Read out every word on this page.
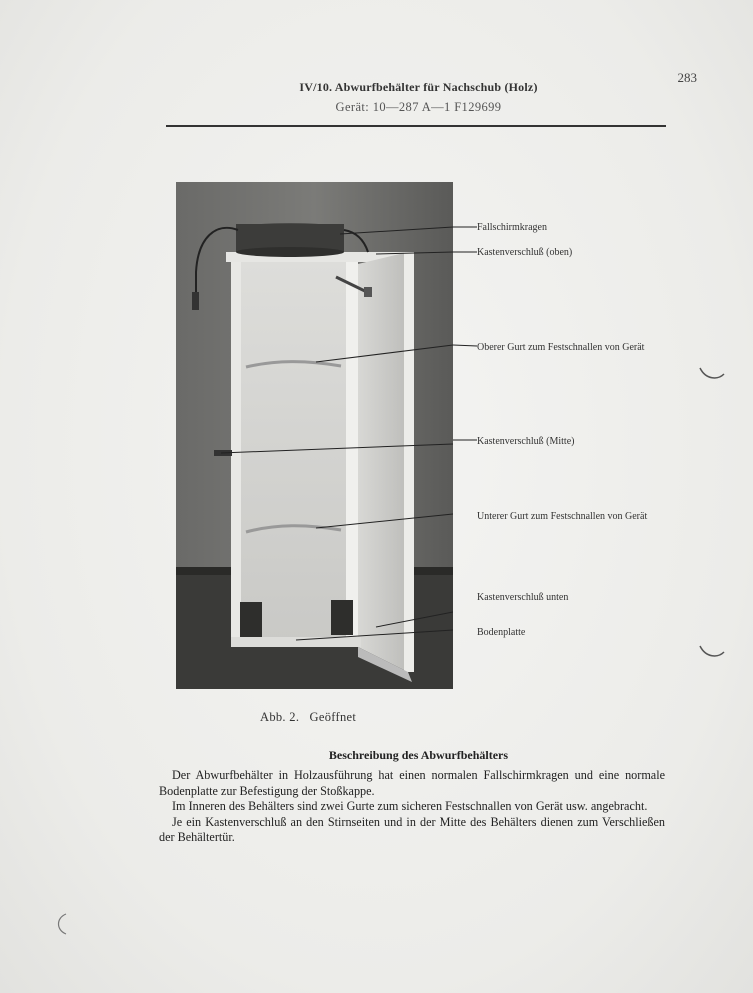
283
IV/10. Abwurfbehälter für Nachschub (Holz)
Gerät: 10—287 A—1 F129699
Fallschirmkragen
Kastenverschluß (oben)
Oberer Gurt zum Festschnallen von Gerät
Kastenverschluß (Mitte)
Unterer Gurt zum Festschnallen von Gerät
Kastenverschluß unten
Bodenplatte
Abb. 2.   Geöffnet
Beschreibung des Abwurfbehälters

Der Abwurfbehälter in Holzausführung hat einen normalen Fallschirmkragen und eine normale Bodenplatte zur Befestigung der Stoßkappe.

Im Inneren des Behälters sind zwei Gurte zum sicheren Festschnallen von Gerät usw. angebracht.

Je ein Kastenverschluß an den Stirnseiten und in der Mitte des Behälters dienen zum Verschließen der Behältertür.
